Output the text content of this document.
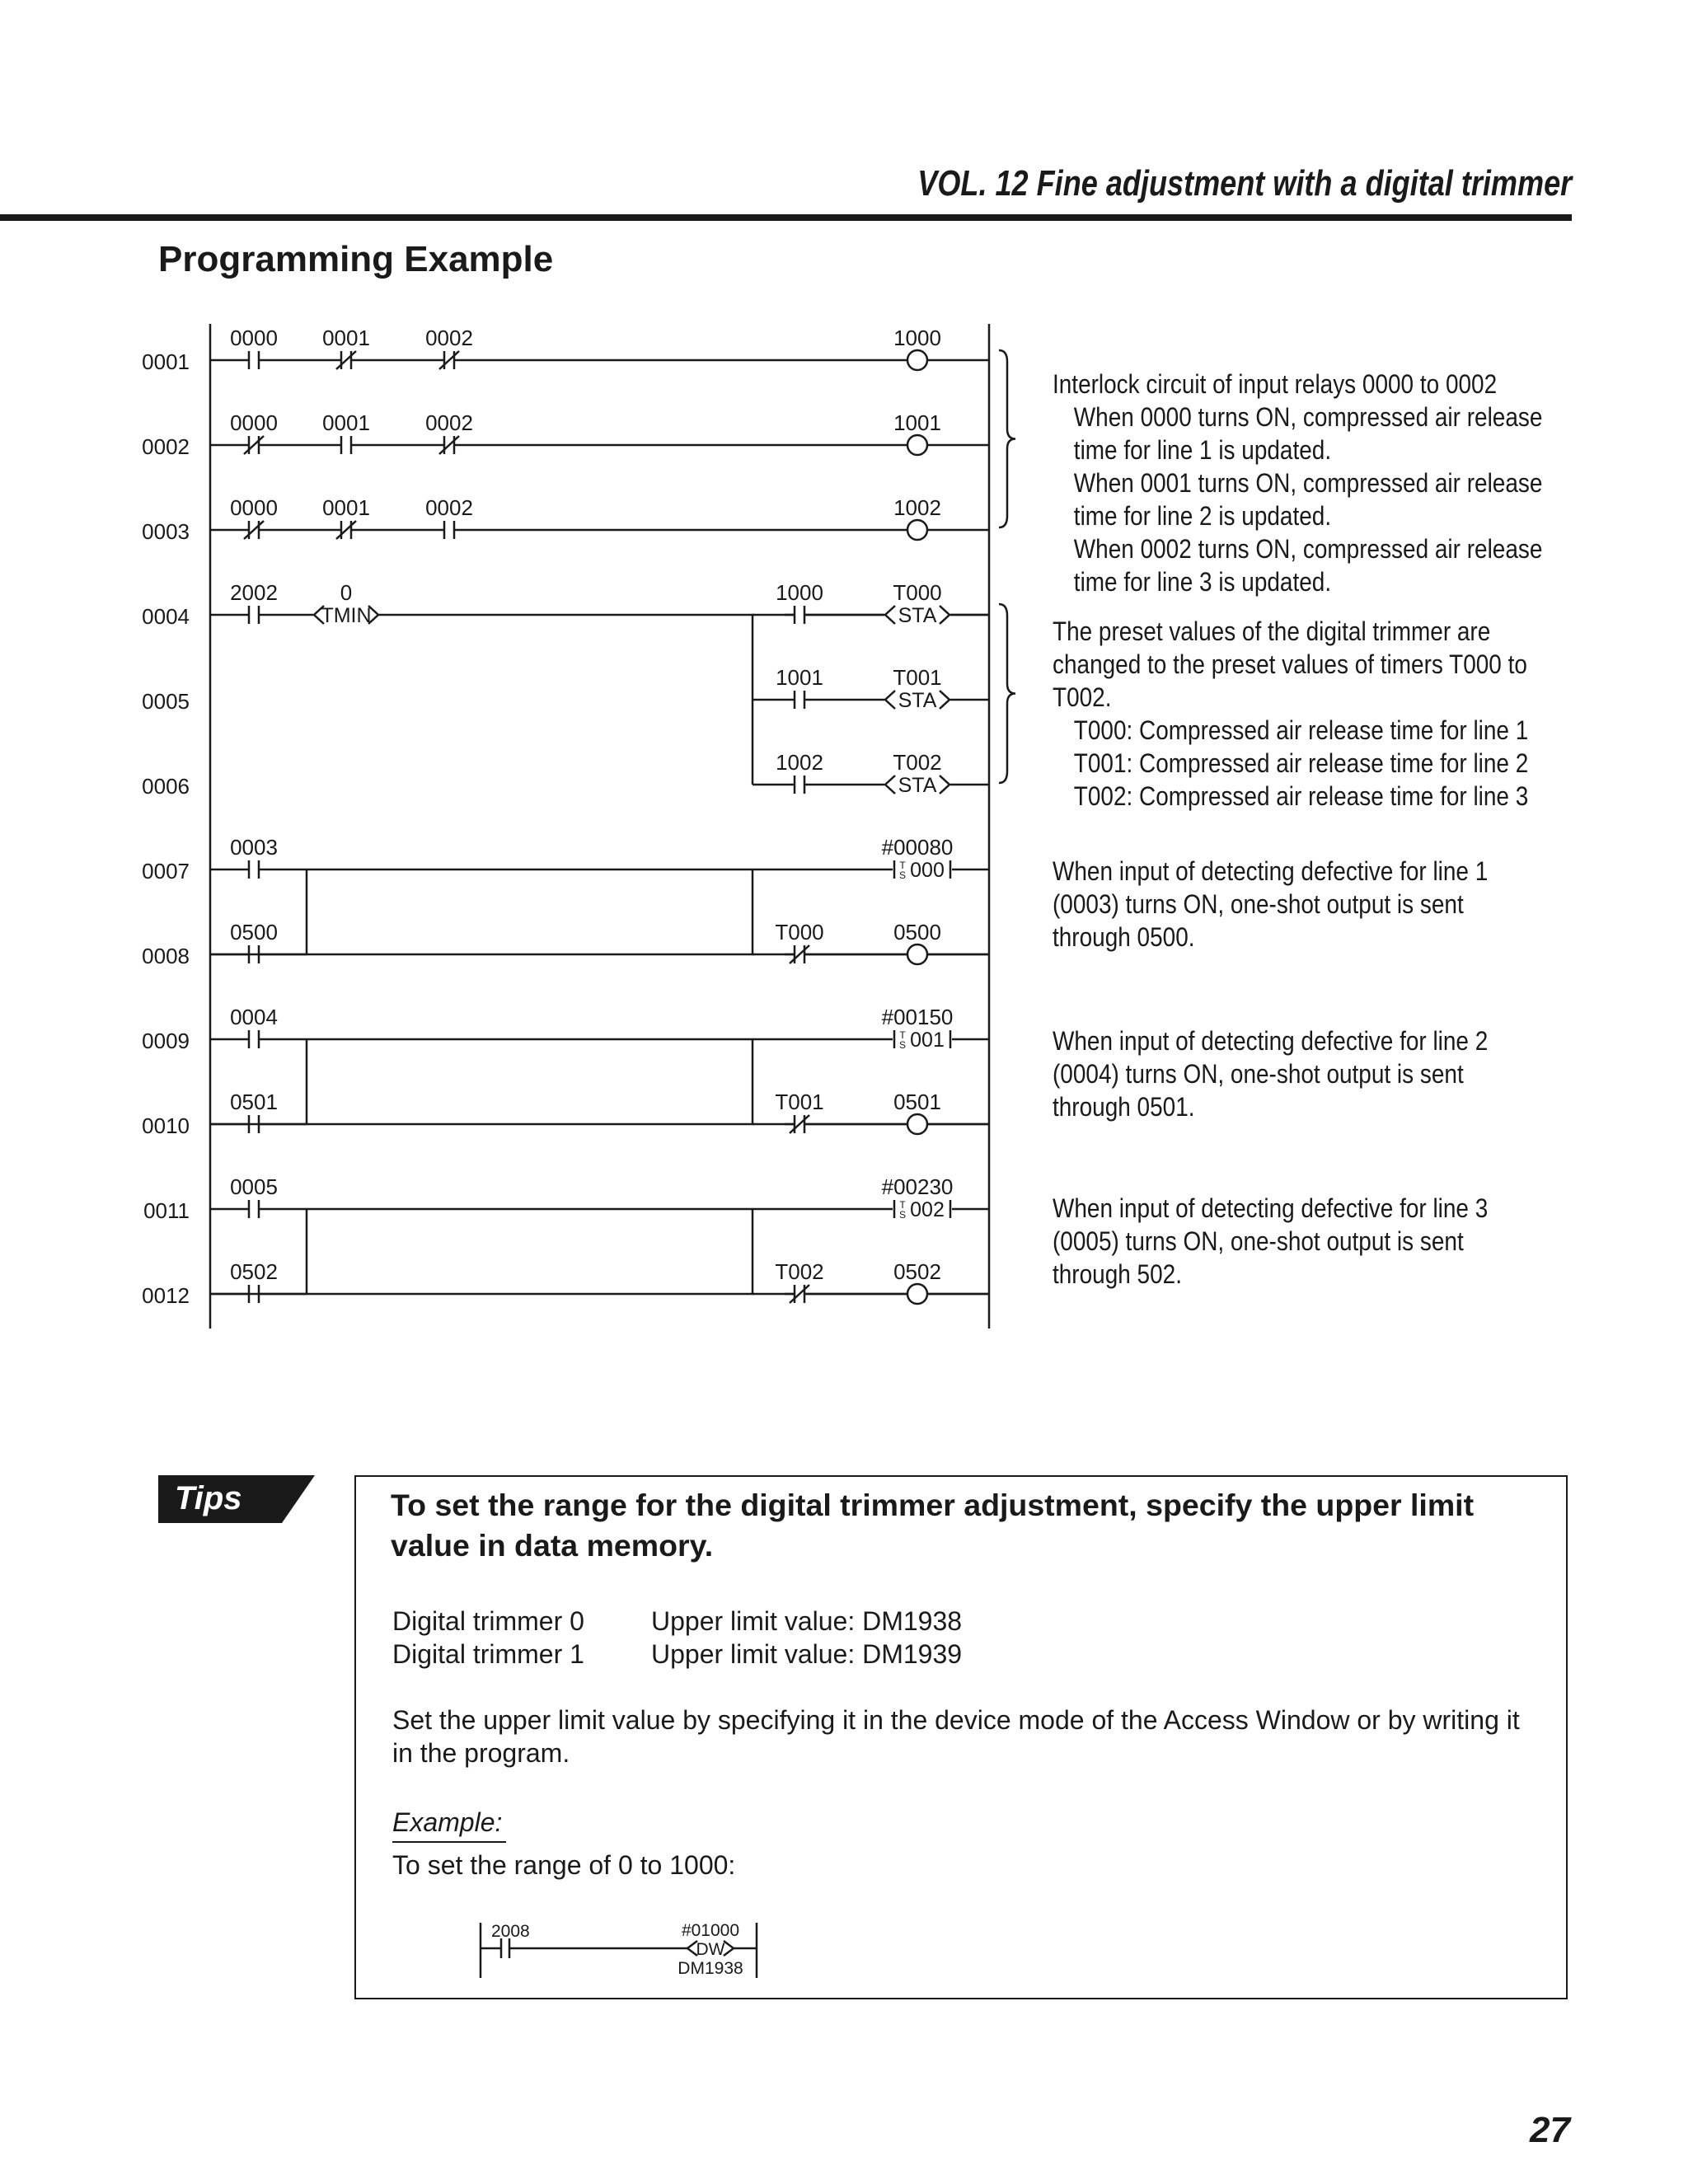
VOL. 12 Fine adjustment with a digital trimmer
Programming Example
0001
0000 0001	0002	1000
0002
0000 0001	0002	1001
0003
0000 0001	0002	1002
0004
2002
TMIN
0	1000
STA
T000
0005
1001
STA
T001
0006
1002
STA
T002
0007
0003
T
S 000
#00080
0008
0500	T000	0500
0009
0004
T
S 001
#00150
0010
0501	T001	0501
0011
0005
T
S 002
#00230
0012
0502	T002	0502
Interlock circuit of input relays 0000 to 0002
When 0000 turns ON, compressed air release
time for line 1 is updated.
When 0001 turns ON, compressed air release
time for line 2 is updated.
When 0002 turns ON, compressed air release
time for line 3 is updated.
The preset values of the digital trimmer are
changed to the preset values of timers T000 to
T002.
T000: Compressed air release time for line 1
T001: Compressed air release time for line 2
T002: Compressed air release time for line 3
When input of detecting defective for line 1
(0003) turns ON, one-shot output is sent
through 0500.
When input of detecting defective for line 2
(0004) turns ON, one-shot output is sent
through 0501.
When input of detecting defective for line 3
(0005) turns ON, one-shot output is sent
through 502.
Tips	To set the range for the digital trimmer adjustment, specify the upper limit value in data memory.
Digital trimmer 0	Upper limit value: DM1938
Digital trimmer 1	Upper limit value: DM1939
Set the upper limit value by specifying it in the device mode of the Access Window or by writing it in the program.
Example:
To set the range of 0 to 1000:
2008	#01000
DW
DM1938
27
